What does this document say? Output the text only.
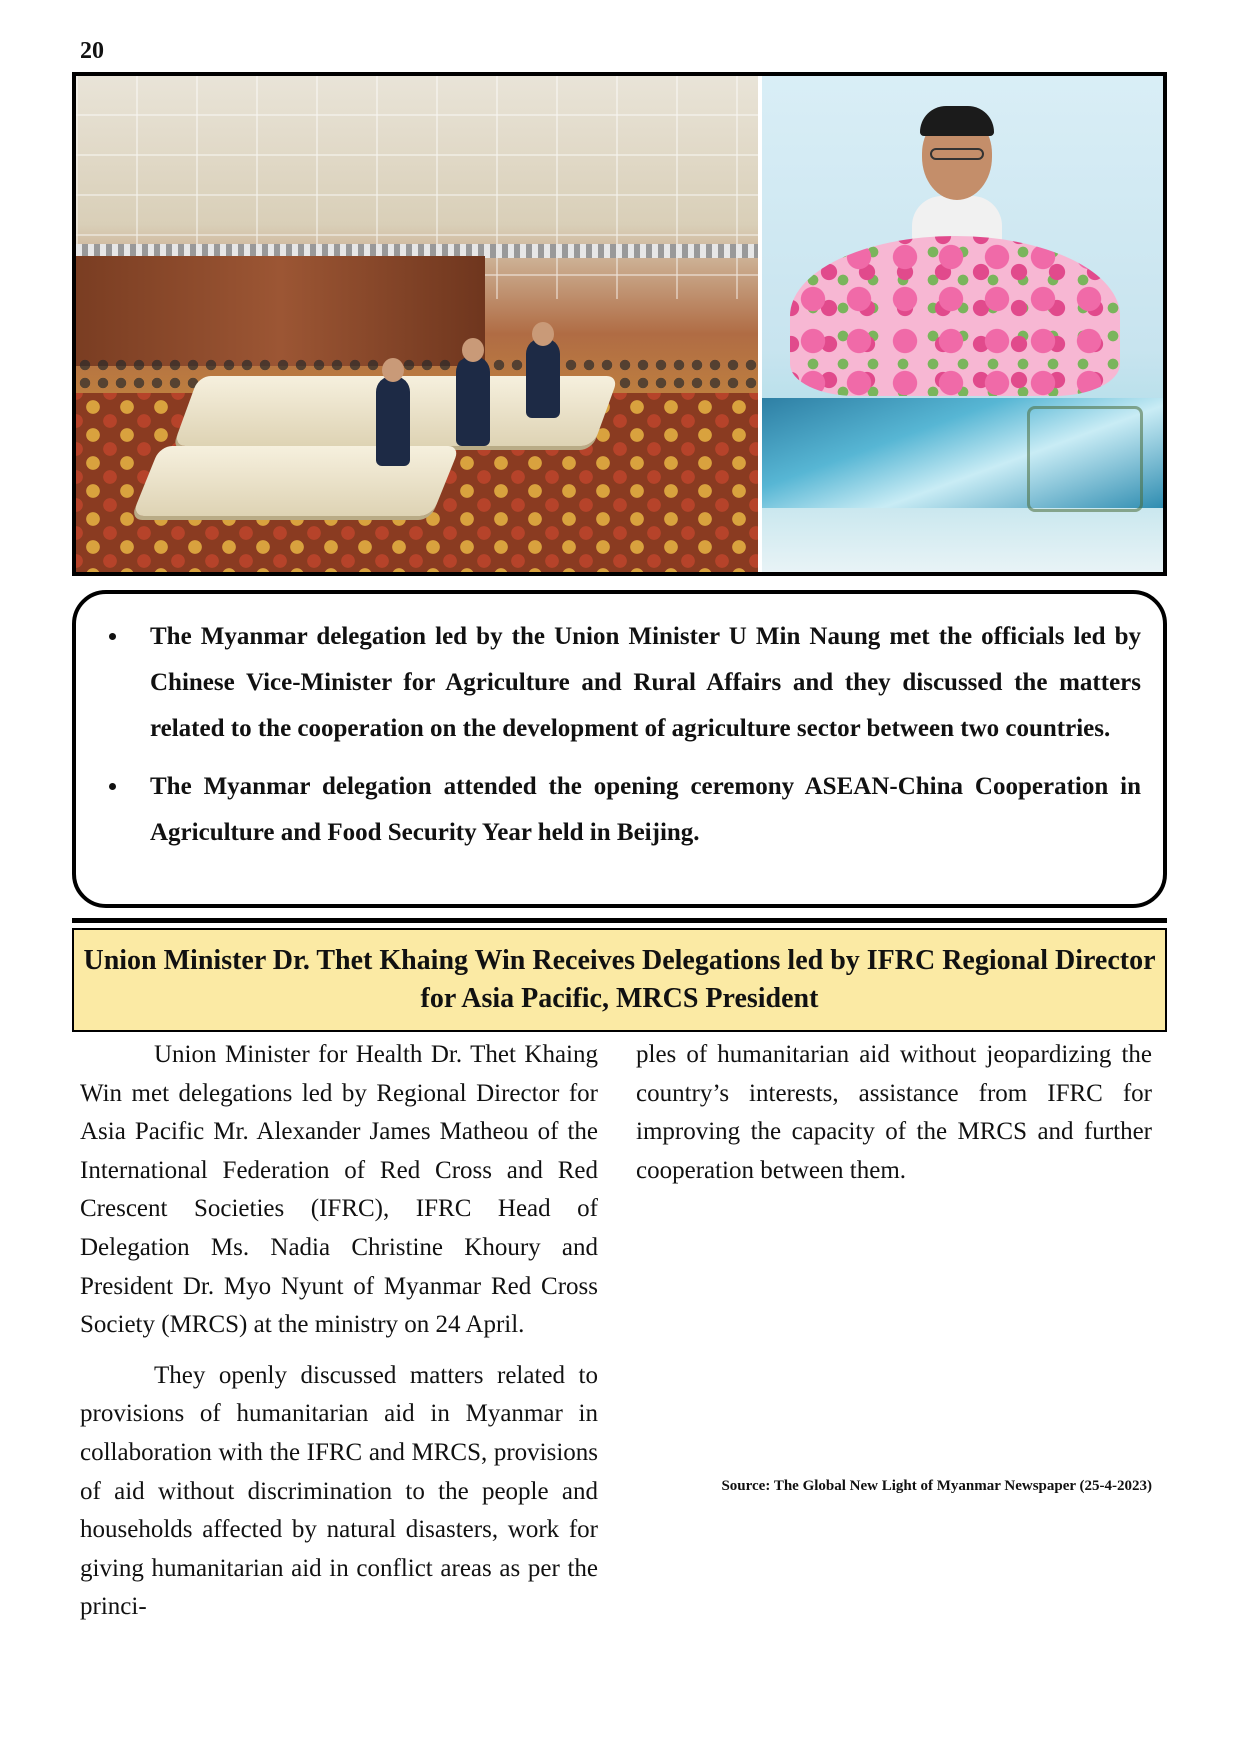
20
• The Myanmar delegation led by the Union Minister U Min Naung met the officials led by Chinese Vice-Minister for Agriculture and Rural Affairs and they discussed the matters related to the cooperation on the development of agriculture sector between two countries.
• The Myanmar delegation attended the opening ceremony ASEAN-China Cooperation in Agriculture and Food Security Year held in Beijing.
Union Minister Dr. Thet Khaing Win Receives Delegations led by IFRC Regional Director for Asia Pacific, MRCS President

Union Minister for Health Dr. Thet Khaing Win met delegations led by Regional Director for Asia Pacific Mr. Alexander James Matheou of the International Federation of Red Cross and Red Crescent Societies (IFRC), IFRC Head of Delegation Ms. Nadia Christine Khoury and President Dr. Myo Nyunt of Myanmar Red Cross Society (MRCS) at the ministry on 24 April.

They openly discussed matters related to provisions of humanitarian aid in Myanmar in collaboration with the IFRC and MRCS, provisions of aid without discrimination to the people and households affected by natural disasters, work for giving humanitarian aid in conflict areas as per the princi-

ples of humanitarian aid without jeopardizing the country’s interests, assistance from IFRC for improving the capacity of the MRCS and further cooperation between them.

Source: The Global New Light of Myanmar Newspaper (25-4-2023)
